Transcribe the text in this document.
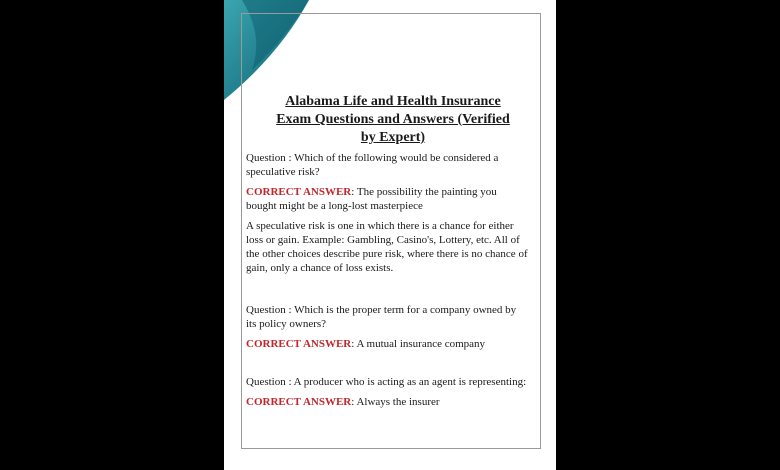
Alabama Life and Health Insurance
Exam Questions and Answers (Verified
by Expert)

Question : Which of the following would be considered a speculative risk?

CORRECT ANSWER: The possibility the painting you bought might be a long-lost masterpiece

A speculative risk is one in which there is a chance for either loss or gain. Example: Gambling, Casino's, Lottery, etc. All of the other choices describe pure risk, where there is no chance of gain, only a chance of loss exists.

Question : Which is the proper term for a company owned by its policy owners?

CORRECT ANSWER: A mutual insurance company

Question : A producer who is acting as an agent is representing:

CORRECT ANSWER: Always the insurer
